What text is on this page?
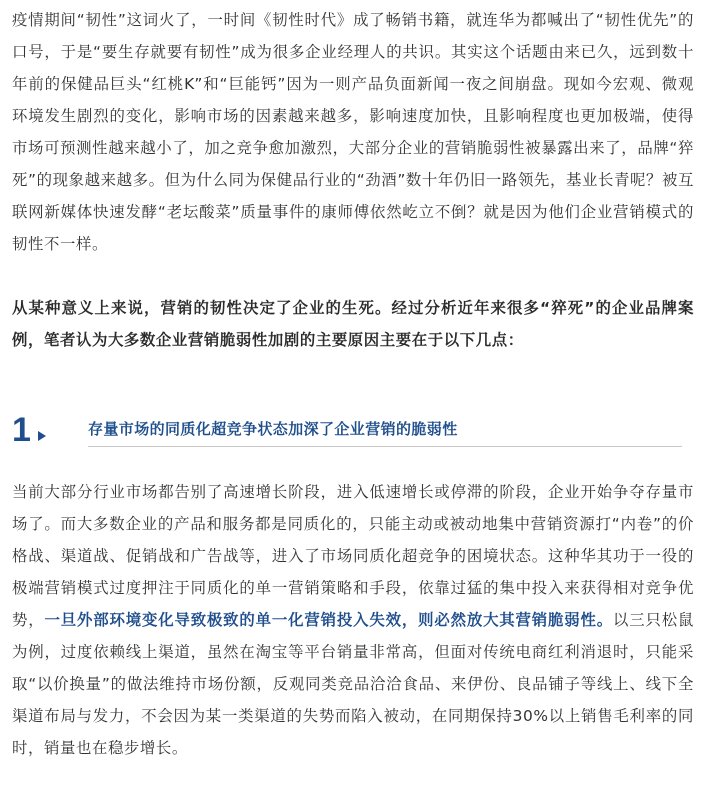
疫情期间“韧性”这词火了，一时间《韧性时代》成了畅销书籍，就连华为都喊出了“韧性优先”的口号，于是“要生存就要有韧性”成为很多企业经理人的共识。其实这个话题由来已久，远到数十年前的保健品巨头“红桃K”和“巨能钙”因为一则产品负面新闻一夜之间崩盘。现如今宏观、微观环境发生剧烈的变化，影响市场的因素越来越多，影响速度加快，且影响程度也更加极端，使得市场可预测性越来越小了，加之竞争愈加激烈，大部分企业的营销脆弱性被暴露出来了，品牌“猝死”的现象越来越多。但为什么同为保健品行业的“劲酒”数十年仍旧一路领先，基业长青呢？被互联网新媒体快速发酵“老坛酸菜”质量事件的康师傅依然屹立不倒？就是因为他们企业营销模式的韧性不一样。

从某种意义上来说，营销的韧性决定了企业的生死。经过分析近年来很多“猝死”的企业品牌案例，笔者认为大多数企业营销脆弱性加剧的主要原因主要在于以下几点：

1	存量市场的同质化超竞争状态加深了企业营销的脆弱性

当前大部分行业市场都告别了高速增长阶段，进入低速增长或停滞的阶段，企业开始争夺存量市场了。而大多数企业的产品和服务都是同质化的，只能主动或被动地集中营销资源打“内卷”的价格战、渠道战、促销战和广告战等，进入了市场同质化超竞争的困境状态。这种华其功于一役的极端营销模式过度押注于同质化的单一营销策略和手段，依靠过猛的集中投入来获得相对竞争优势，一旦外部环境变化导致极致的单一化营销投入失效，则必然放大其营销脆弱性。以三只松鼠为例，过度依赖线上渠道，虽然在淘宝等平台销量非常高，但面对传统电商红利消退时，只能采取“以价换量”的做法维持市场份额，反观同类竞品洽洽食品、来伊份、良品铺子等线上、线下全渠道布局与发力，不会因为某一类渠道的失势而陷入被动，在同期保持30%以上销售毛利率的同时，销量也在稳步增长。
